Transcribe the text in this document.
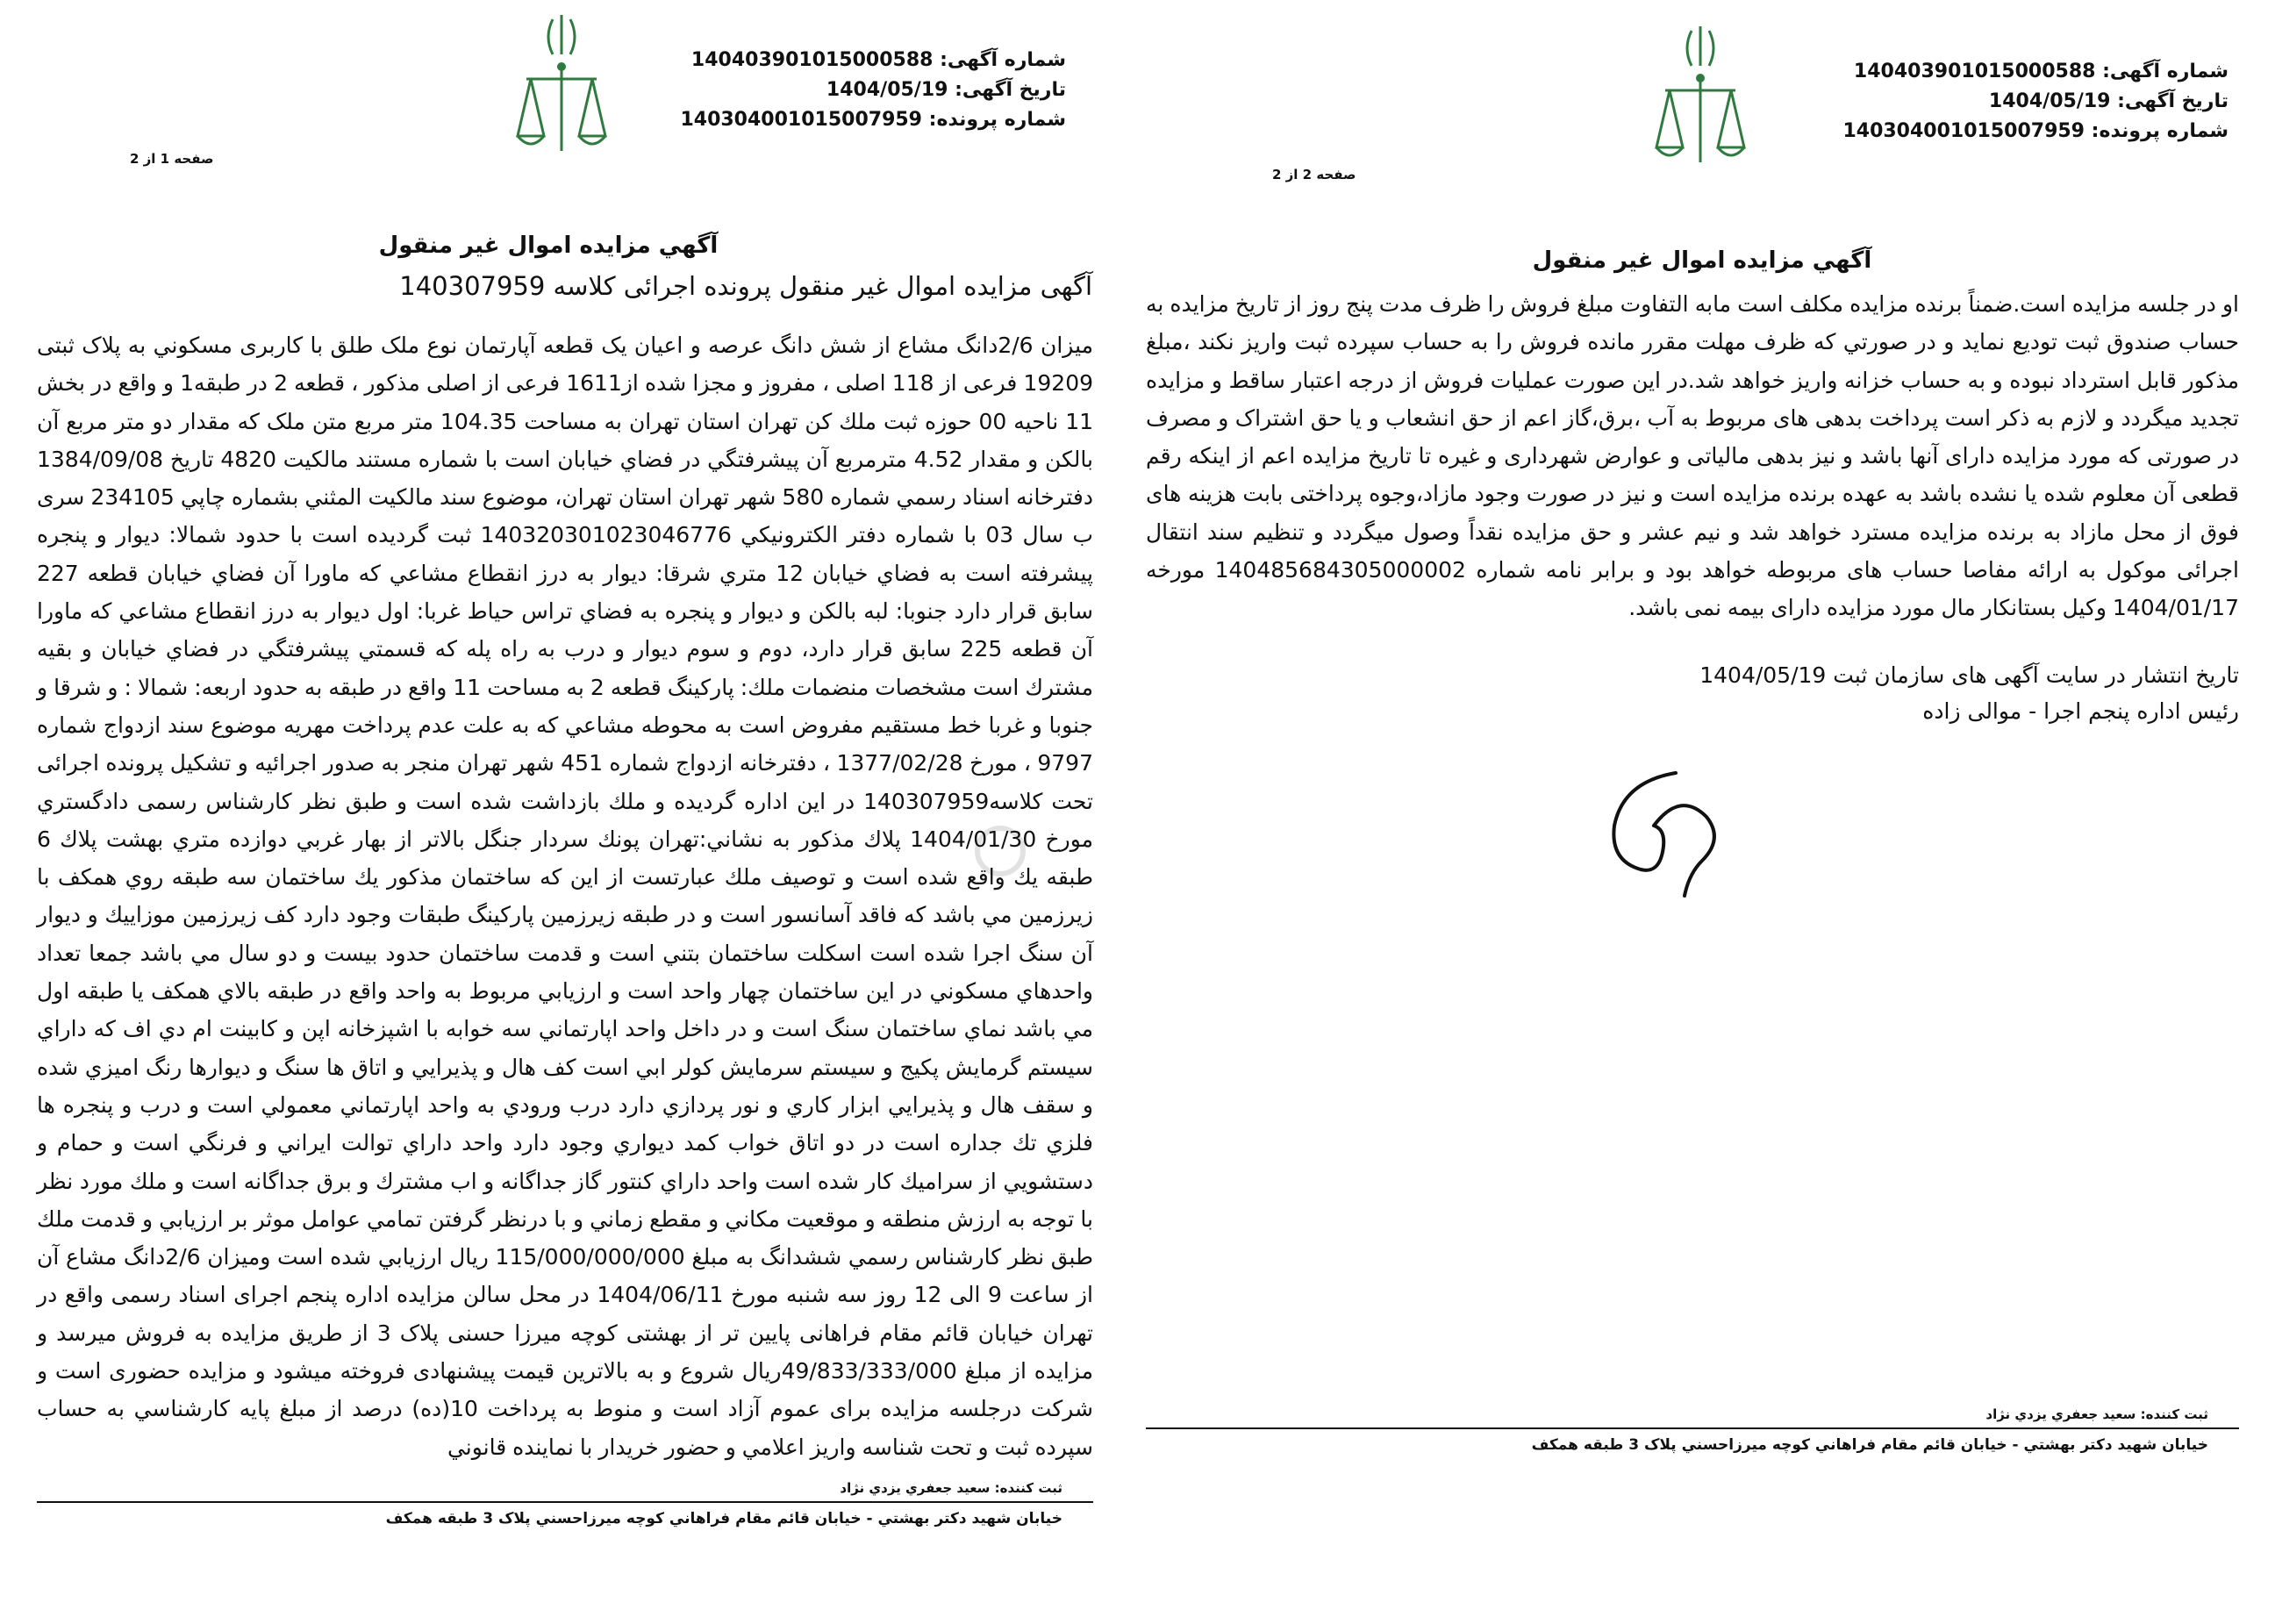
شماره آگهی: 140403901015000588
تاریخ آگهی: 1404/05/19
شماره پرونده: 140304001015007959
صفحه 1 از 2
آگهي مزايده اموال غير منقول
آگهی مزایده اموال غیر منقول پرونده اجرائی کلاسه 140307959
میزان 2/6دانگ مشاع از شش دانگ عرصه و اعیان یک قطعه آپارتمان نوع ملک طلق با کاربری مسکوني به پلاک ثبتی 19209 فرعی از 118 اصلی ، مفروز و مجزا شده از1611 فرعی از اصلی مذکور ، قطعه 2 در طبقه1 و واقع در بخش 11 ناحیه 00 حوزه ثبت ملك کن تهران استان تهران به مساحت 104.35 متر مربع متن ملک که مقدار دو متر مربع آن بالکن و مقدار 4.52 مترمربع آن پیشرفتگي در فضاي خيابان است با شماره مستند مالکیت 4820 تاریخ 1384/09/08 دفترخانه اسناد رسمي شماره 580 شهر تهران استان تهران، موضوع سند مالكيت المثني بشماره چاپي 234105 سری ب سال 03 با شماره دفتر الكترونيكي 140320301023046776 ثبت گرديده است با حدود شمالا: ديوار و پنجره پيشرفته است به فضاي خيابان 12 متري شرقا: ديوار به درز انقطاع مشاعي كه ماورا آن فضاي خيابان قطعه 227 سابق قرار دارد جنوبا: لبه بالكن و ديوار و پنجره به فضاي تراس حياط غربا: اول ديوار به درز انقطاع مشاعي كه ماورا آن قطعه 225 سابق قرار دارد، دوم و سوم ديوار و درب به راه پله كه قسمتي پيشرفتگي در فضاي خيابان و بقيه مشترك است مشخصات منضمات ملك: پاركينگ قطعه 2 به مساحت 11 واقع در طبقه به حدود اربعه: شمالا : و شرقا و جنوبا و غربا خط مستقيم مفروض است به محوطه مشاعي كه به علت عدم پرداخت مهريه موضوع سند ازدواج شماره 9797 ، مورخ 1377/02/28 ، دفترخانه ازدواج شماره 451 شهر تهران منجر به صدور اجرائيه و تشكيل پرونده اجرائی تحت كلاسه140307959 در اين اداره گرديده و ملك بازداشت شده است و طبق نظر كارشناس رسمی دادگستري مورخ 1404/01/30 پلاك مذكور به نشاني:تهران پونك سردار جنگل بالاتر از بهار غربي دوازده متري بهشت پلاك 6 طبقه يك واقع شده است و توصيف ملك عبارتست از اين كه ساختمان مذكور يك ساختمان سه طبقه روي همكف با زيرزمين مي باشد كه فاقد آسانسور است و در طبقه زيرزمين پاركينگ طبقات وجود دارد كف زيرزمين موزاييك و ديوار آن سنگ اجرا شده است اسكلت ساختمان بتني است و قدمت ساختمان حدود بيست و دو سال مي باشد جمعا تعداد واحدهاي مسكوني در اين ساختمان چهار واحد است و ارزيابي مربوط به واحد واقع در طبقه بالاي همكف يا طبقه اول مي باشد نماي ساختمان سنگ است و در داخل واحد اپارتماني سه خوابه با اشپزخانه اپن و كابينت ام دي اف كه داراي سيستم گرمايش پكيج و سيستم سرمايش كولر ابي است كف هال و پذيرايي و اتاق ها سنگ و ديوارها رنگ اميزي شده و سقف هال و پذيرايي ابزار كاري و نور پردازي دارد درب ورودي به واحد اپارتماني معمولي است و درب و پنجره ها فلزي تك جداره است در دو اتاق خواب كمد ديواري وجود دارد واحد داراي توالت ايراني و فرنگي است و حمام و دستشويي از سراميك كار شده است واحد داراي كنتور گاز جداگانه و اب مشترك و برق جداگانه است و ملك مورد نظر با توجه به ارزش منطقه و موقعيت مكاني و مقطع زماني و با درنظر گرفتن تمامي عوامل موثر بر ارزيابي و قدمت ملك طبق نظر كارشناس رسمي ششدانگ به مبلغ 115/000/000/000 ريال ارزيابي شده است وميزان 2/6دانگ مشاع آن از ساعت 9 الی 12 روز سه شنبه مورخ 1404/06/11 در محل سالن مزايده اداره پنجم اجرای اسناد رسمی واقع در تهران خيابان قائم مقام فراهانی پايين تر از بهشتی كوچه ميرزا حسنی پلاک 3 از طريق مزايده به فروش ميرسد و مزايده از مبلغ 49/833/333/000ريال شروع و به بالاترين قيمت پيشنهادی فروخته ميشود و مزايده حضوری است و شركت درجلسه مزايده برای عموم آزاد است و منوط به پرداخت 10(ده) درصد از مبلغ پايه كارشناسي به حساب سپرده ثبت و تحت شناسه واريز اعلامي و حضور خريدار با نماينده قانوني
ثبت کننده: سعید جعفري يزدي نژاد
خيابان شهيد دكتر بهشتي - خيابان قائم مقام فراهاني كوچه ميرزاحسني پلاک 3 طبقه همكف
شماره آگهی: 140403901015000588
تاریخ آگهی: 1404/05/19
شماره پرونده: 140304001015007959
صفحه 2 از 2
آگهي مزايده اموال غير منقول
او در جلسه مزايده است.ضمناً برنده مزايده مكلف است مابه التفاوت مبلغ فروش را ظرف مدت پنج روز از تاريخ مزايده به حساب صندوق ثبت توديع نمايد و در صورتي كه ظرف مهلت مقرر مانده فروش را به حساب سپرده ثبت واريز نكند ،مبلغ مذكور قابل استرداد نبوده و به حساب خزانه واريز خواهد شد.در اين صورت عمليات فروش از درجه اعتبار ساقط و مزايده تجديد ميگردد و لازم به ذكر است پرداخت بدهی های مربوط به آب ،برق،گاز اعم از حق انشعاب و يا حق اشتراک و مصرف در صورتی كه مورد مزايده دارای آنها باشد و نيز بدهی مالياتی و عوارض شهرداری و غيره تا تاريخ مزايده اعم از اينكه رقم قطعی آن معلوم شده يا نشده باشد به عهده برنده مزايده است و نيز در صورت وجود مازاد،وجوه پرداختی بابت هزينه های فوق از محل مازاد به برنده مزايده مسترد خواهد شد و نيم عشر و حق مزايده نقداً وصول ميگردد و تنظيم سند انتقال اجرائی موكول به ارائه مفاصا حساب های مربوطه خواهد بود و برابر نامه شماره 140485684305000002 مورخه 1404/01/17 وكيل بستانكار مال مورد مزايده دارای بيمه نمی باشد.
تاريخ انتشار در سايت آگهی های سازمان ثبت 1404/05/19
رئيس اداره پنجم اجرا - موالی زاده
ثبت کننده: سعید جعفري يزدي نژاد
خيابان شهيد دكتر بهشتي - خيابان قائم مقام فراهاني كوچه ميرزاحسني پلاک 3 طبقه همكف
